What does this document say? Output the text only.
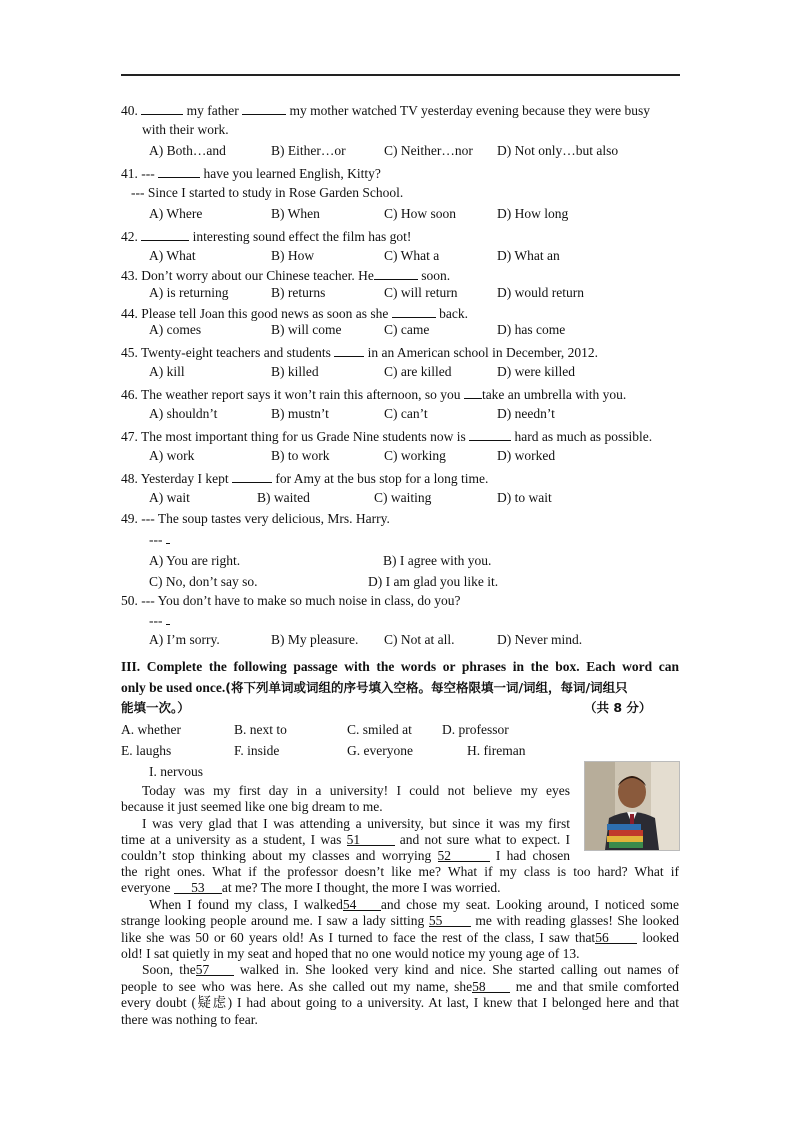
40.	my father	my mother watched TV yesterday evening because they were busy
with their work.
A) Both…and	B) Either…or	C) Neither…nor D) Not only…but also
41. ---	have you learned English, Kitty?
--- Since I started to study in Rose Garden School.
A) Where	B) When	C) How soon	D) How long
42.	interesting sound effect the film has got!
A) What	B) How	C) What a	D) What an
43. Don’t worry about our Chinese teacher. He	soon.
A) is returning	B) returns	C) will return	D) would return
44. Please tell Joan this good news as soon as she	back.
A) comes	B) will come	C) came	D) has come
45. Twenty-eight teachers and students  in an American school in December, 2012.
A) kill	B) killed	C) are killed	D) were killed
46. The weather report says it won’t rain this afternoon, so you take an umbrella with you.
A) shouldn’t	B) mustn’t	C) can’t	D) needn’t
47. The most important thing for us Grade Nine students now is	hard as much as possible.
A) work	B) to work	C) working	D) worked
48. Yesterday I kept	for Amy at the bus stop for a long time.
A) wait	B) waited	C) waiting	D) to wait
49. --- The soup tastes very delicious, Mrs. Harry.
---
A) You are right.	B) I agree with you.
C) No, don’t say so.	D) I am glad you like it.
50. --- You don’t have to make so much noise in class, do you?
---
A) I’m sorry.	B) My pleasure. C) Not at all.	D) Never mind.
III. Complete the following passage with the words or phrases in the box. Each word can
only be used once.(将下列单词或词组的序号填入空格。每空格限填一词/词组，每词/词组只
能填一次。）	（共 8 分）
A. whether	B. next to	C. smiled at D. professor
E. laughs	F. inside	G. everyone	H. fireman
I. nervous
Today was my first day in a university! I could not believe my eyes
because it just seemed like one big dream to me.
I was very glad that I was attending a university, but since it was my first
time at a university as a student, I was 51	and not sure what to expect. I
couldn’t stop thinking about my classes and worrying 52	I had chosen
the right ones. What if the professor doesn’t like me? What if my class is too hard? What if
everyone 53 at me? The more I thought, the more I was worried.
When I found my class, I walked54 and chose my seat. Looking around, I noticed some
strange looking people around me. I saw a lady sitting 55 me with reading glasses! She looked
like she was 50 or 60 years old! As I turned to face the rest of the class, I saw that56 looked
old! I sat quietly in my seat and hoped that no one would notice my young age of 13.
Soon, the57 walked in. She looked very kind and nice. She started calling out names of
people to see who was here. As she called out my name, she58 me and that smile comforted
every doubt (疑虑) I had about going to a university. At last, I knew that I belonged here and that
there was nothing to fear.
